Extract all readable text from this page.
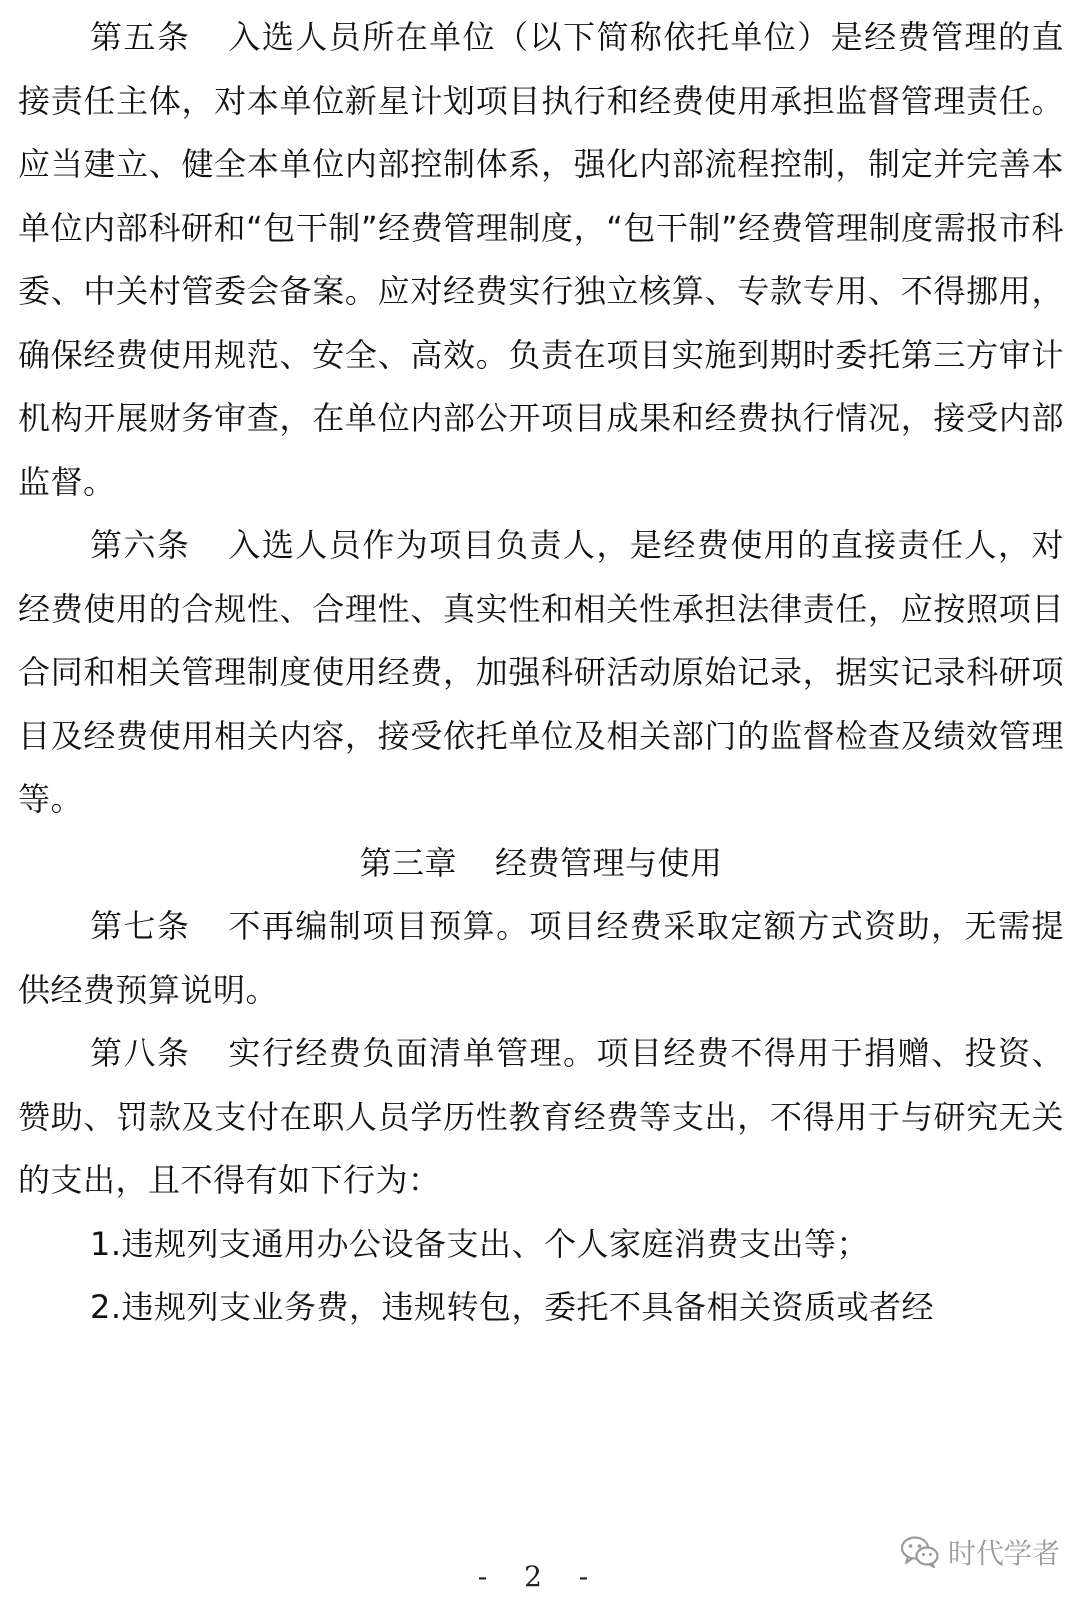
第五条 入选人员所在单位（以下简称依托单位）是经费管理的直接责任主体，对本单位新星计划项目执行和经费使用承担监督管理责任。应当建立、健全本单位内部控制体系，强化内部流程控制，制定并完善本单位内部科研和“包干制”经费管理制度，“包干制”经费管理制度需报市科委、中关村管委会备案。应对经费实行独立核算、专款专用、不得挪用，确保经费使用规范、安全、高效。负责在项目实施到期时委托第三方审计机构开展财务审查，在单位内部公开项目成果和经费执行情况，接受内部监督。

第六条 入选人员作为项目负责人，是经费使用的直接责任人，对经费使用的合规性、合理性、真实性和相关性承担法律责任，应按照项目合同和相关管理制度使用经费，加强科研活动原始记录，据实记录科研项目及经费使用相关内容，接受依托单位及相关部门的监督检查及绩效管理等。

第三章 经费管理与使用

第七条 不再编制项目预算。项目经费采取定额方式资助，无需提供经费预算说明。

第八条 实行经费负面清单管理。项目经费不得用于捐赠、投资、赞助、罚款及支付在职人员学历性教育经费等支出，不得用于与研究无关的支出，且不得有如下行为：

1.违规列支通用办公设备支出、个人家庭消费支出等；

2.违规列支业务费，违规转包，委托不具备相关资质或者经

时代学者
- 2 -
